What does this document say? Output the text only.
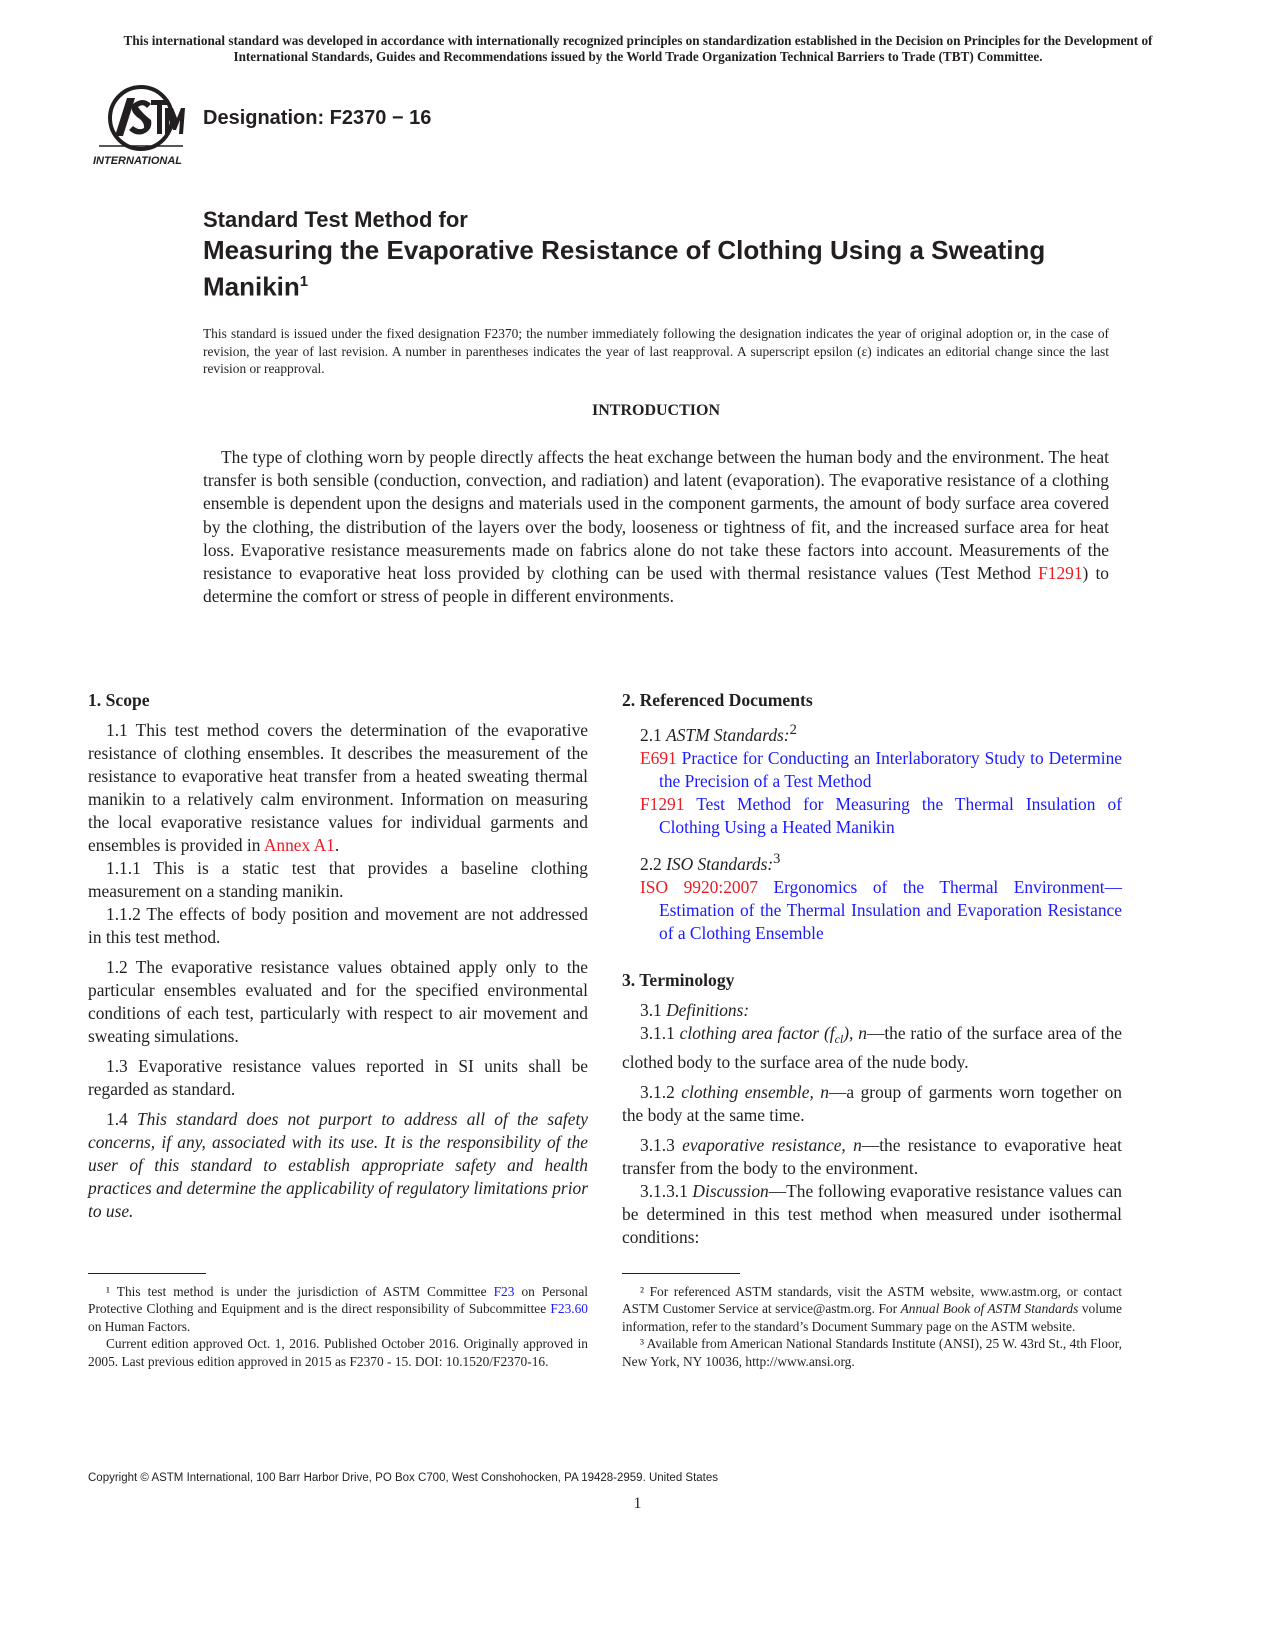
This international standard was developed in accordance with internationally recognized principles on standardization established in the Decision on Principles for the Development of International Standards, Guides and Recommendations issued by the World Trade Organization Technical Barriers to Trade (TBT) Committee.
INTERNATIONAL
Designation: F2370 − 16
Standard Test Method for
Measuring the Evaporative Resistance of Clothing Using a Sweating Manikin$^1$
This standard is issued under the fixed designation F2370; the number immediately following the designation indicates the year of original adoption or, in the case of revision, the year of last revision. A number in parentheses indicates the year of last reapproval. A superscript epsilon (ε) indicates an editorial change since the last revision or reapproval.
INTRODUCTION

The type of clothing worn by people directly affects the heat exchange between the human body and the environment. The heat transfer is both sensible (conduction, convection, and radiation) and latent (evaporation). The evaporative resistance of a clothing ensemble is dependent upon the designs and materials used in the component garments, the amount of body surface area covered by the clothing, the distribution of the layers over the body, looseness or tightness of fit, and the increased surface area for heat loss. Evaporative resistance measurements made on fabrics alone do not take these factors into account. Measurements of the resistance to evaporative heat loss provided by clothing can be used with thermal resistance values (Test Method F1291) to determine the comfort or stress of people in different environments.

1. Scope

1.1 This test method covers the determination of the evaporative resistance of clothing ensembles. It describes the measurement of the resistance to evaporative heat transfer from a heated sweating thermal manikin to a relatively calm environment. Information on measuring the local evaporative resistance values for individual garments and ensembles is provided in Annex A1.

1.1.1 This is a static test that provides a baseline clothing measurement on a standing manikin.

1.1.2 The effects of body position and movement are not addressed in this test method.

1.2 The evaporative resistance values obtained apply only to the particular ensembles evaluated and for the specified environmental conditions of each test, particularly with respect to air movement and sweating simulations.

1.3 Evaporative resistance values reported in SI units shall be regarded as standard.

1.4 This standard does not purport to address all of the safety concerns, if any, associated with its use. It is the responsibility of the user of this standard to establish appropriate safety and health practices and determine the applicability of regulatory limitations prior to use.

2. Referenced Documents

2.1 ASTM Standards:$^2$

E691 Practice for Conducting an Interlaboratory Study to Determine the Precision of a Test Method
F1291 Test Method for Measuring the Thermal Insulation of Clothing Using a Heated Manikin

2.2 ISO Standards:$^3$

ISO 9920:2007 Ergonomics of the Thermal Environment—Estimation of the Thermal Insulation and Evaporation Resistance of a Clothing Ensemble
3. Terminology

3.1 Definitions:

3.1.1 clothing area factor $(f_{cl})$, n—the ratio of the surface area of the clothed body to the surface area of the nude body.

3.1.2 clothing ensemble, n—a group of garments worn together on the body at the same time.

3.1.3 evaporative resistance, n—the resistance to evaporative heat transfer from the body to the environment.

3.1.3.1 Discussion—The following evaporative resistance values can be determined in this test method when measured under isothermal conditions:

¹ This test method is under the jurisdiction of ASTM Committee F23 on Personal Protective Clothing and Equipment and is the direct responsibility of Subcommittee F23.60 on Human Factors.

Current edition approved Oct. 1, 2016. Published October 2016. Originally approved in 2005. Last previous edition approved in 2015 as F2370 - 15. DOI: 10.1520/F2370-16.

² For referenced ASTM standards, visit the ASTM website, www.astm.org, or contact ASTM Customer Service at service@astm.org. For Annual Book of ASTM Standards volume information, refer to the standard’s Document Summary page on the ASTM website.

³ Available from American National Standards Institute (ANSI), 25 W. 43rd St., 4th Floor, New York, NY 10036, http://www.ansi.org.

Copyright © ASTM International, 100 Barr Harbor Drive, PO Box C700, West Conshohocken, PA 19428-2959. United States
1
